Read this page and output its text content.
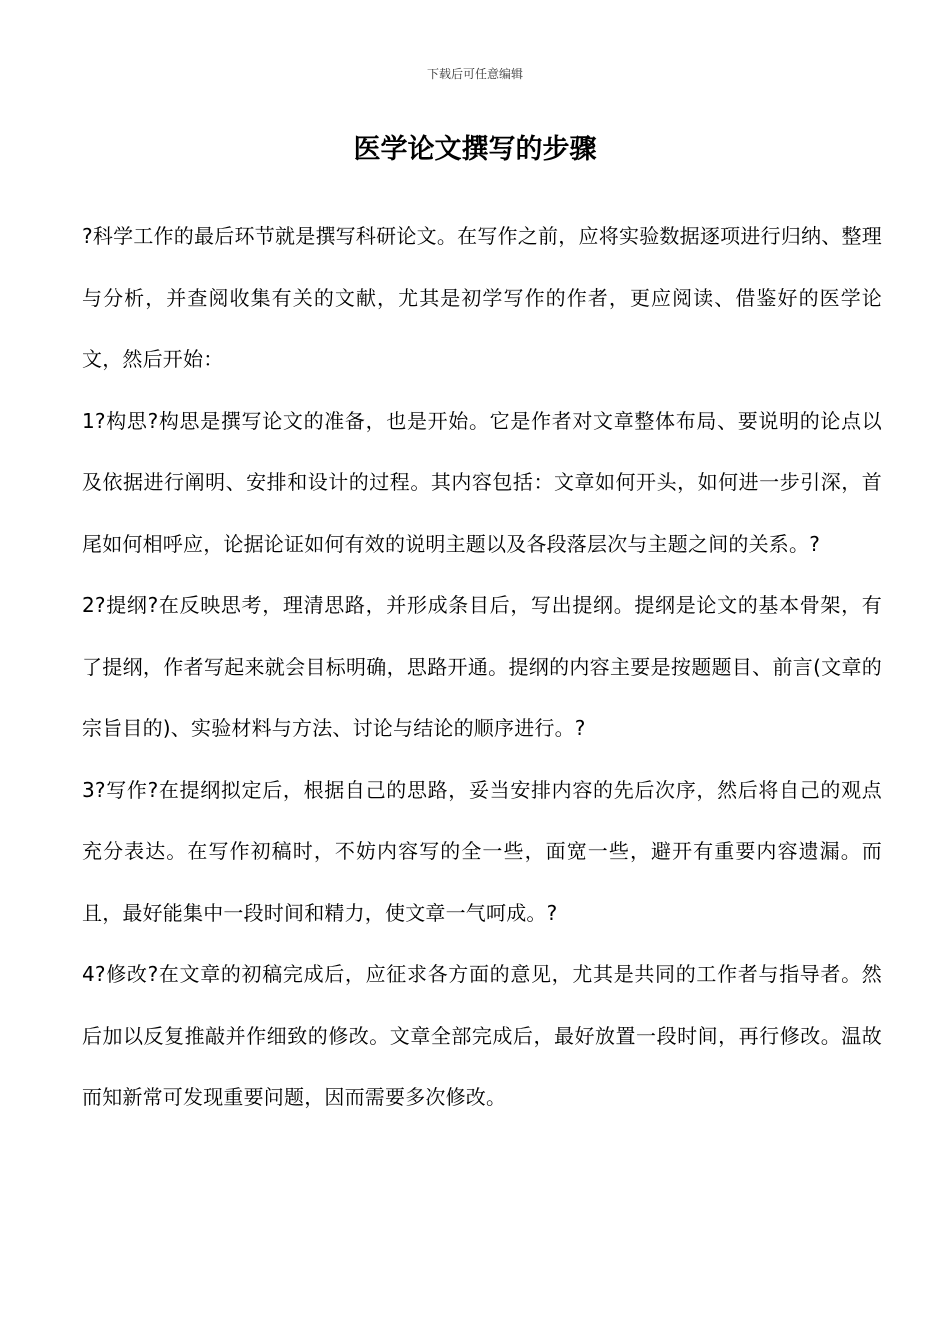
下载后可任意编辑
医学论文撰写的步骤

?科学工作的最后环节就是撰写科研论文。在写作之前，应将实验数据逐项进行归纳、整理与分析，并查阅收集有关的文献，尤其是初学写作的作者，更应阅读、借鉴好的医学论文，然后开始：

1?构思?构思是撰写论文的准备，也是开始。它是作者对文章整体布局、要说明的论点以及依据进行阐明、安排和设计的过程。其内容包括：文章如何开头，如何进一步引深，首尾如何相呼应，论据论证如何有效的说明主题以及各段落层次与主题之间的关系。?

2?提纲?在反映思考，理清思路，并形成条目后，写出提纲。提纲是论文的基本骨架，有了提纲，作者写起来就会目标明确，思路开通。提纲的内容主要是按题题目、前言(文章的宗旨目的)、实验材料与方法、讨论与结论的顺序进行。?

3?写作?在提纲拟定后，根据自己的思路，妥当安排内容的先后次序，然后将自己的观点充分表达。在写作初稿时，不妨内容写的全一些，面宽一些，避开有重要内容遗漏。而且，最好能集中一段时间和精力，使文章一气呵成。?

4?修改?在文章的初稿完成后，应征求各方面的意见，尤其是共同的工作者与指导者。然后加以反复推敲并作细致的修改。文章全部完成后，最好放置一段时间，再行修改。温故而知新常可发现重要问题，因而需要多次修改。
